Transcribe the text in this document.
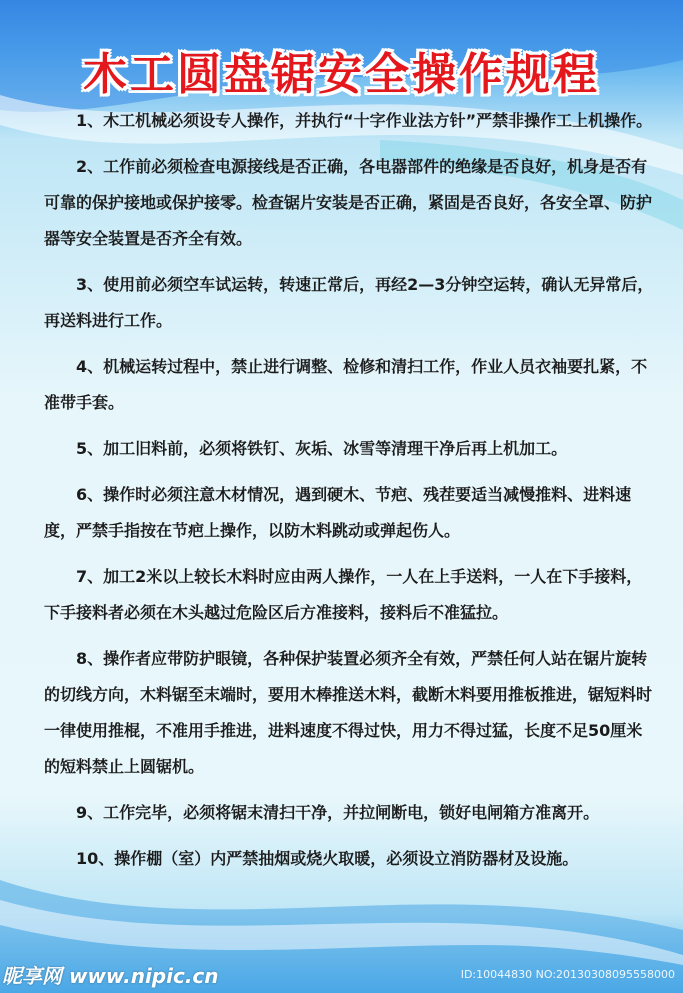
木工圆盘锯安全操作规程

1、木工机械必须设专人操作，并执行“十字作业法方针”严禁非操作工上机操作。

2、工作前必须检查电源接线是否正确，各电器部件的绝缘是否良好，机身是否有可靠的保护接地或保护接零。检查锯片安装是否正确，紧固是否良好，各安全罩、防护器等安全装置是否齐全有效。

3、使用前必须空车试运转，转速正常后，再经2—3分钟空运转，确认无异常后，再送料进行工作。

4、机械运转过程中，禁止进行调整、检修和清扫工作，作业人员衣袖要扎紧，不准带手套。

5、加工旧料前，必须将铁钉、灰垢、冰雪等清理干净后再上机加工。

6、操作时必须注意木材情况，遇到硬木、节疤、残茬要适当减慢推料、进料速度，严禁手指按在节疤上操作，以防木料跳动或弹起伤人。

7、加工2米以上较长木料时应由两人操作，一人在上手送料，一人在下手接料，下手接料者必须在木头越过危险区后方准接料，接料后不准猛拉。

8、操作者应带防护眼镜，各种保护装置必须齐全有效，严禁任何人站在锯片旋转的切线方向，木料锯至末端时，要用木棒推送木料，截断木料要用推板推进，锯短料时一律使用推棍，不准用手推进，进料速度不得过快，用力不得过猛，长度不足50厘米的短料禁止上圆锯机。

9、工作完毕，必须将锯末清扫干净，并拉闸断电，锁好电闸箱方准离开。

10、操作棚（室）内严禁抽烟或烧火取暖，必须设立消防器材及设施。

昵享网 www.nipic.cn	ID:10044830 NO:20130308095558000
